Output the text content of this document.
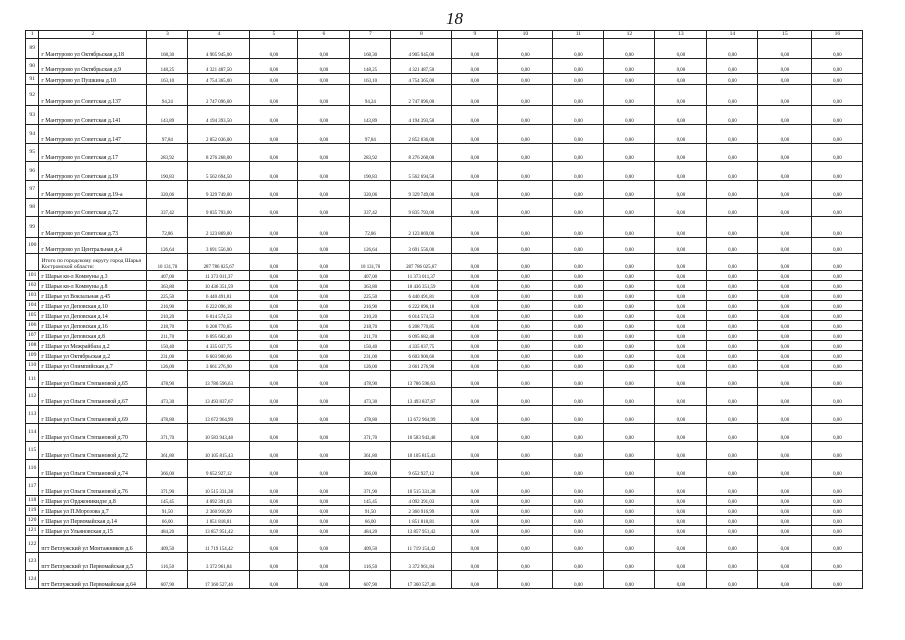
18
1	2	3	4	5	6	7	8	9	10	11	12	13	14	15	16
89	г Мантурово ул Октябрьская д.18	168,30	4 905 945,00	0,00	0,00	168,30	4 905 945,00	0,00	0,00	0,00	0,00	0,00	0,00	0,00	0,00
90	г Мантурово ул Октябрьская д.9	148,25	4 321 487,50	0,00	0,00	148,25	4 321 487,50	0,00	0,00	0,00	0,00	0,00	0,00	0,00	0,00
91	г Мантурово ул Пушкина д.10	163,10	4 754 365,00	0,00	0,00	163,10	4 754 365,00	0,00	0,00	0,00	0,00	0,00	0,00	0,00	0,00
92	г Мантурово ул Советская д.137	94,24	2 747 096,00	0,00	0,00	94,24	2 747 096,00	0,00	0,00	0,00	0,00	0,00	0,00	0,00	0,00
93	г Мантурово ул Советская д.141	143,89	4 194 393,50	0,00	0,00	143,89	4 194 393,50	0,00	0,00	0,00	0,00	0,00	0,00	0,00	0,00
94	г Мантурово ул Советская д.147	97,84	2 852 036,00	0,00	0,00	97,84	2 852 036,00	0,00	0,00	0,00	0,00	0,00	0,00	0,00	0,00
95	г Мантурово ул Советская д.17	283,92	8 276 268,00	0,00	0,00	283,92	8 276 268,00	0,00	0,00	0,00	0,00	0,00	0,00	0,00	0,00
96	г Мантурово ул Советская д.19	190,83	5 562 694,50	0,00	0,00	190,83	5 562 694,50	0,00	0,00	0,00	0,00	0,00	0,00	0,00	0,00
97	г Мантурово ул Советская д.19-а	320,06	9 329 749,00	0,00	0,00	320,06	9 329 749,00	0,00	0,00	0,00	0,00	0,00	0,00	0,00	0,00
98	г Мантурово ул Советская д.72	337,42	9 835 793,00	0,00	0,00	337,42	9 835 793,00	0,00	0,00	0,00	0,00	0,00	0,00	0,00	0,00
99	г Мантурово ул Советская д.73	72,86	2 123 869,00	0,00	0,00	72,86	2 123 869,00	0,00	0,00	0,00	0,00	0,00	0,00	0,00	0,00
100	г Мантурово ул Центральная д.4	126,64	3 691 556,00	0,00	0,00	126,64	3 691 556,00	0,00	0,00	0,00	0,00	0,00	0,00	0,00	0,00
	Итого по городскому округу город Шарья Костромской области:	10 131,70	287 786 025,67	0,00	0,00	10 131,70	287 786 025,67	0,00	0,00	0,00	0,00	0,00	0,00	0,00	0,00
101	г Шарья кв-л Коммуны д.3	407,00	11 373 011,37	0,00	0,00	407,00	11 373 011,37	0,00	0,00	0,00	0,00	0,00	0,00	0,00	0,00
102	г Шарья кв-л Коммуны д.8	363,80	10 436 351,59	0,00	0,00	363,80	10 436 351,59	0,00	0,00	0,00	0,00	0,00	0,00	0,00	0,00
103	г Шарья ул Вокзальная д.45	225,50	6 440 491,81	0,00	0,00	225,50	6 440 491,81	0,00	0,00	0,00	0,00	0,00	0,00	0,00	0,00
104	г Шарья ул Деповская д.10	216,90	6 222 096,18	0,00	0,00	216,90	6 222 096,18	0,00	0,00	0,00	0,00	0,00	0,00	0,00	0,00
105	г Шарья ул Деповская д.14	210,20	6 014 574,53	0,00	0,00	210,20	6 014 574,53	0,00	0,00	0,00	0,00	0,00	0,00	0,00	0,00
106	г Шарья ул Деповская д.16	218,70	6 208 770,85	0,00	0,00	218,70	6 208 770,85	0,00	0,00	0,00	0,00	0,00	0,00	0,00	0,00
107	г Шарья ул Деповская д.8	211,70	6 095 682,40	0,00	0,00	211,70	6 095 682,40	0,00	0,00	0,00	0,00	0,00	0,00	0,00	0,00
108	г Шарья ул Межрайбаза д.2	150,40	4 335 037,75	0,00	0,00	150,40	4 335 037,75	0,00	0,00	0,00	0,00	0,00	0,00	0,00	0,00
109	г Шарья ул Октябрьская д.2	231,00	6 603 900,66	0,00	0,00	231,00	6 603 900,66	0,00	0,00	0,00	0,00	0,00	0,00	0,00	0,00
110	г Шарья ул Олимпийская д.7	126,00	3 661 276,90	0,00	0,00	126,00	3 661 276,90	0,00	0,00	0,00	0,00	0,00	0,00	0,00	0,00
111	г Шарья ул Ольги Степановой д.65	478,90	13 786 596,63	0,00	0,00	478,90	13 786 596,63	0,00	0,00	0,00	0,00	0,00	0,00	0,00	0,00
112	г Шарья ул Ольги Степановой д.67	473,30	13 493 837,67	0,00	0,00	473,30	13 493 837,67	0,00	0,00	0,00	0,00	0,00	0,00	0,00	0,00
113	г Шарья ул Ольги Степановой д.69	478,80	13 672 964,99	0,00	0,00	478,80	13 672 964,99	0,00	0,00	0,00	0,00	0,00	0,00	0,00	0,00
114	г Шарья ул Ольги Степановой д.70	371,70	10 583 943,48	0,00	0,00	371,70	10 583 943,48	0,00	0,00	0,00	0,00	0,00	0,00	0,00	0,00
115	г Шарья ул Ольги Степановой д.72	361,80	10 105 815,43	0,00	0,00	361,80	10 105 815,43	0,00	0,00	0,00	0,00	0,00	0,00	0,00	0,00
116	г Шарья ул Ольги Степановой д.74	366,00	9 652 927,12	0,00	0,00	366,00	9 652 927,12	0,00	0,00	0,00	0,00	0,00	0,00	0,00	0,00
117	г Шарья ул Ольги Степановой д.76	371,90	10 515 331,38	0,00	0,00	371,90	10 515 331,38	0,00	0,00	0,00	0,00	0,00	0,00	0,00	0,00
118	г Шарья ул Орджоникидзе д.8	145,45	4 092 391,03	0,00	0,00	145,45	4 092 391,03	0,00	0,00	0,00	0,00	0,00	0,00	0,00	0,00
119	г Шарья ул П.Морозова д.7	91,50	2 360 916,99	0,00	0,00	91,50	2 360 916,99	0,00	0,00	0,00	0,00	0,00	0,00	0,00	0,00
120	г Шарья ул Первомайская д.14	66,00	1 851 818,81	0,00	0,00	66,00	1 851 818,81	0,00	0,00	0,00	0,00	0,00	0,00	0,00	0,00
121	г Шарья ул Ульяновская д.15	484,20	13 857 951,42	0,00	0,00	484,20	13 857 951,42	0,00	0,00	0,00	0,00	0,00	0,00	0,00	0,00
122	пгт Ветлужский ул Монтажников д.6	409,50	11 719 154,42	0,00	0,00	409,50	11 719 154,42	0,00	0,00	0,00	0,00	0,00	0,00	0,00	0,00
123	пгт Ветлужский ул Первомайская д.5	116,50	3 372 961,84	0,00	0,00	116,50	3 372 961,84	0,00	0,00	0,00	0,00	0,00	0,00	0,00	0,00
124	пгт Ветлужский ул Первомайская д.64	607,90	17 360 527,46	0,00	0,00	607,90	17 360 527,46	0,00	0,00	0,00	0,00	0,00	0,00	0,00	0,00
